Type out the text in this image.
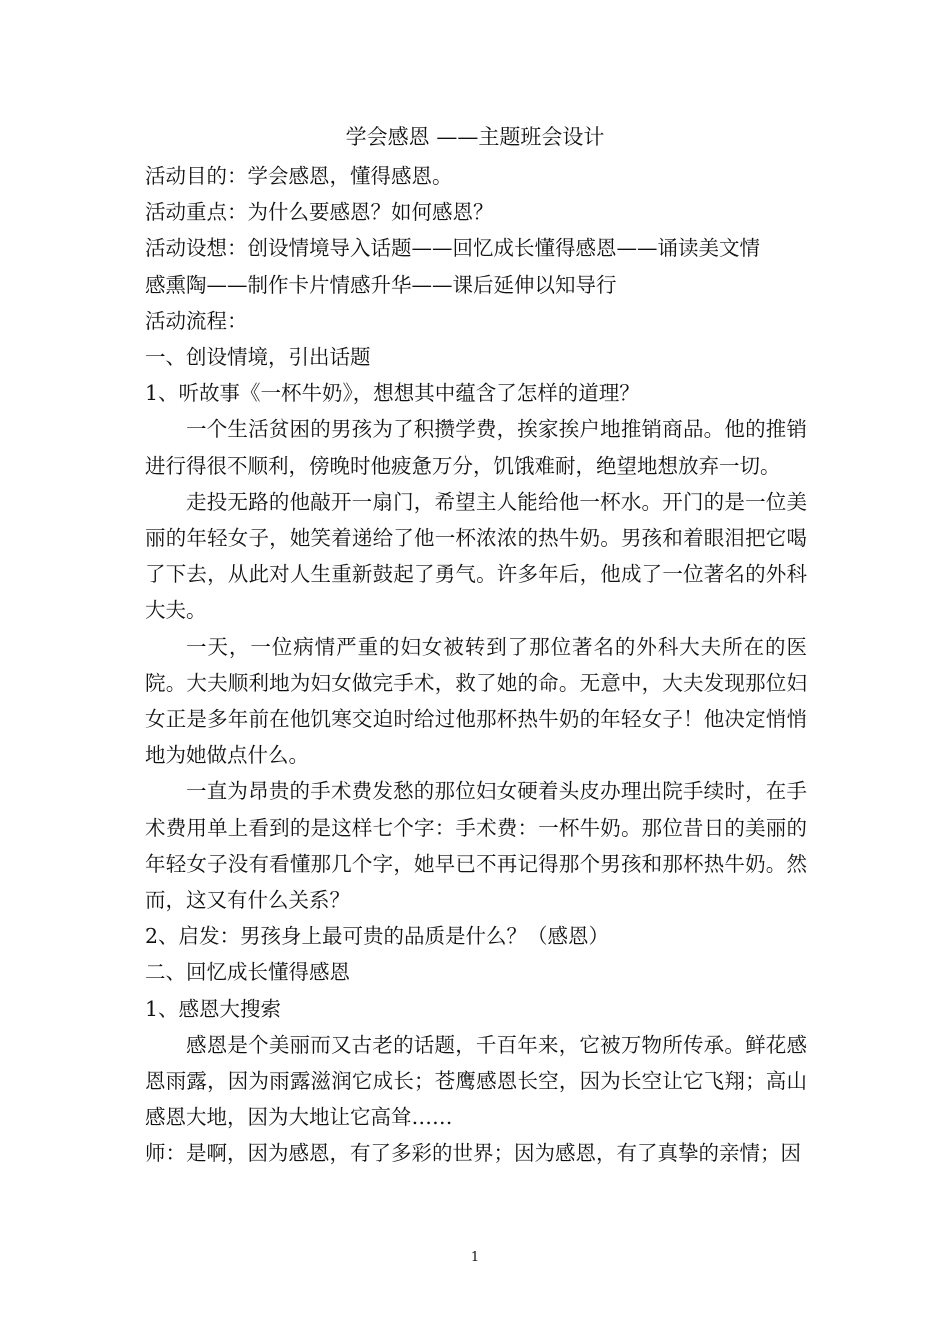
学会感恩 ——主题班会设计

活动目的：学会感恩，懂得感恩。

活动重点：为什么要感恩？如何感恩？

活动设想：创设情境导入话题——回忆成长懂得感恩——诵读美文情

感熏陶——制作卡片情感升华——课后延伸以知导行

活动流程：

一、创设情境，引出话题

1、听故事《一杯牛奶》，想想其中蕴含了怎样的道理？

一个生活贫困的男孩为了积攒学费，挨家挨户地推销商品。他的推销进行得很不顺利，傍晚时他疲惫万分，饥饿难耐，绝望地想放弃一切。

走投无路的他敲开一扇门，希望主人能给他一杯水。开门的是一位美丽的年轻女子，她笑着递给了他一杯浓浓的热牛奶。男孩和着眼泪把它喝了下去，从此对人生重新鼓起了勇气。许多年后，他成了一位著名的外科大夫。

一天，一位病情严重的妇女被转到了那位著名的外科大夫所在的医院。大夫顺利地为妇女做完手术，救了她的命。无意中，大夫发现那位妇女正是多年前在他饥寒交迫时给过他那杯热牛奶的年轻女子！他决定悄悄地为她做点什么。

一直为昂贵的手术费发愁的那位妇女硬着头皮办理出院手续时，在手术费用单上看到的是这样七个字：手术费：一杯牛奶。那位昔日的美丽的年轻女子没有看懂那几个字，她早已不再记得那个男孩和那杯热牛奶。然而，这又有什么关系？

2、启发：男孩身上最可贵的品质是什么？（感恩）

二、回忆成长懂得感恩

1、感恩大搜索

感恩是个美丽而又古老的话题，千百年来，它被万物所传承。鲜花感恩雨露，因为雨露滋润它成长；苍鹰感恩长空，因为长空让它飞翔；高山感恩大地，因为大地让它高耸……

师：是啊，因为感恩，有了多彩的世界；因为感恩，有了真挚的亲情；因

1
